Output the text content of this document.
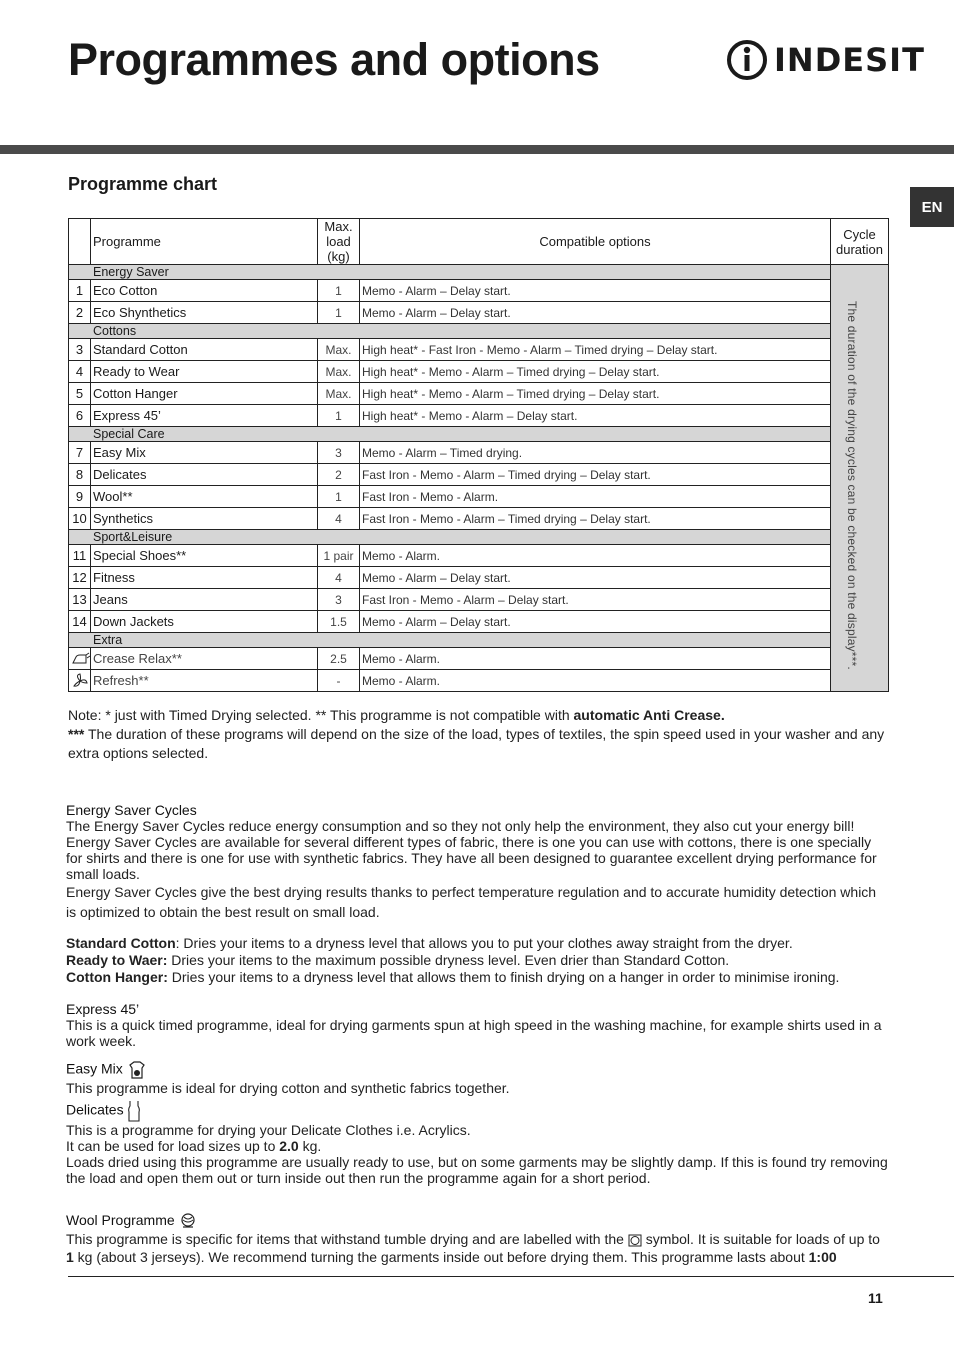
Programmes and options	INDESIT
Programme chart
EN
	Programme	Max. load (kg)	Compatible options	Cycle duration
Energy Saver				The duration of the drying cycles can be checked on the display***.

1	Eco Cotton	1	Memo - Alarm – Delay start.	
2	Eco Shynthetics	1	Memo - Alarm – Delay start.	
Cottons				
3	Standard Cotton	Max.	High heat* - Fast Iron - Memo - Alarm – Timed drying – Delay start.	
4	Ready to Wear	Max.	High heat* - Memo - Alarm – Timed drying – Delay start.	
5	Cotton Hanger	Max.	High heat* - Memo - Alarm – Timed drying – Delay start.	
6	Express 45’	1	High heat* - Memo - Alarm – Delay start.	
Special Care				
7	Easy Mix	3	Memo - Alarm – Timed drying.	
8	Delicates	2	Fast Iron - Memo - Alarm – Timed drying – Delay start.	
9	Wool**	1	Fast Iron - Memo - Alarm.	
10	Synthetics	4	Fast Iron - Memo - Alarm – Timed drying – Delay start.	
Sport&Leisure				
11	Special Shoes**	1 pair	Memo - Alarm.	
12	Fitness	4	Memo - Alarm – Delay start.	
13	Jeans	3	Fast Iron - Memo - Alarm – Delay start.	
14	Down Jackets	1.5	Memo - Alarm – Delay start.	
Extra				
	Crease Relax**	2.5	Memo - Alarm.	
	Refresh**	-	Memo - Alarm.	
Note: * just with Timed Drying selected. ** This programme is not compatible with automatic Anti Crease.
*** The duration of these programs will depend on the size of the load, types of textiles, the spin speed used in your washer and any extra options selected.

Energy Saver Cycles

The Energy Saver Cycles reduce energy consumption and so they not only help the environment, they also cut your energy bill!

Energy Saver Cycles are available for several different types of fabric, there is one you can use with cottons, there is one specially for shirts and there is one for use with synthetic fabrics. They have all been designed to guarantee excellent drying performance for small loads.

Energy Saver Cycles give the best drying results thanks to perfect temperature regulation and to accurate humidity detection which is optimized to obtain the best result on small load.

Standard Cotton: Dries your items to a dryness level that allows you to put your clothes away straight from the dryer.

Ready to Waer: Dries your items to the maximum possible dryness level. Even drier than Standard Cotton.

Cotton Hanger: Dries your items to a dryness level that allows them to finish drying on a hanger in order to minimise ironing.

Express 45’

This is a quick timed programme, ideal for drying garments spun at high speed in the washing machine, for example shirts used in a work week.

Easy Mix

This programme is ideal for drying cotton and synthetic fabrics together.

Delicates

This is a programme for drying your Delicate Clothes i.e. Acrylics.

It can be used for load sizes up to 2.0 kg.

Loads dried using this programme are usually ready to use, but on some garments may be slightly damp. If this is found try removing the load and open them out or turn inside out then run the programme again for a short period.

Wool Programme

This programme is specific for items that withstand tumble drying and are labelled with the  symbol. It is suitable for loads of up to 1 kg (about 3 jerseys). We recommend turning the garments inside out before drying them. This programme lasts about 1:00

11
